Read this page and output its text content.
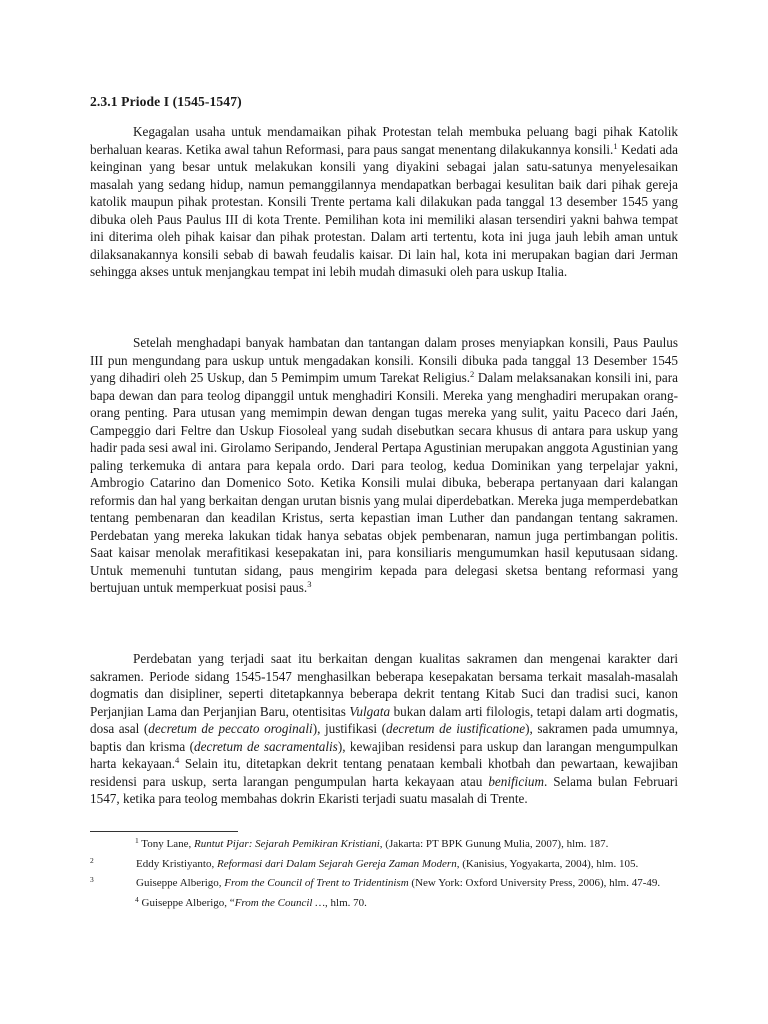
2.3.1 Priode I (1545-1547)

Kegagalan usaha untuk mendamaikan pihak Protestan telah membuka peluang bagi pihak Katolik berhaluan kearas. Ketika awal tahun Reformasi, para paus sangat menentang dilakukannya konsili.$^1$ Kedati ada keinginan yang besar untuk melakukan konsili yang diyakini sebagai jalan satu-satunya menyelesaikan masalah yang sedang hidup, namun pemanggilannya mendapatkan berbagai kesulitan baik dari pihak gereja katolik maupun pihak protestan. Konsili Trente pertama kali dilakukan pada tanggal 13 desember 1545 yang dibuka oleh Paus Paulus III di kota Trente. Pemilihan kota ini memiliki alasan tersendiri yakni bahwa tempat ini diterima oleh pihak kaisar dan pihak protestan. Dalam arti tertentu, kota ini juga jauh lebih aman untuk dilaksanakannya konsili sebab di bawah feudalis kaisar. Di lain hal, kota ini merupakan bagian dari Jerman sehingga akses untuk menjangkau tempat ini lebih mudah dimasuki oleh para uskup Italia.

Setelah menghadapi banyak hambatan dan tantangan dalam proses menyiapkan konsili, Paus Paulus III pun mengundang para uskup untuk mengadakan konsili. Konsili dibuka pada tanggal 13 Desember 1545 yang dihadiri oleh 25 Uskup, dan 5 Pemimpim umum Tarekat Religius.$^2$ Dalam melaksanakan konsili ini, para bapa dewan dan para teolog dipanggil untuk menghadiri Konsili. Mereka yang menghadiri merupakan orang-orang penting. Para utusan yang memimpin dewan dengan tugas mereka yang sulit, yaitu Paceco dari Jaén, Campeggio dari Feltre dan Uskup Fiosoleal yang sudah disebutkan secara khusus di antara para uskup yang hadir pada sesi awal ini. Girolamo Seripando, Jenderal Pertapa Agustinian merupakan anggota Agustinian yang paling terkemuka di antara para kepala ordo. Dari para teolog, kedua Dominikan yang terpelajar yakni, Ambrogio Catarino dan Domenico Soto. Ketika Konsili mulai dibuka, beberapa pertanyaan dari kalangan reformis dan hal yang berkaitan dengan urutan bisnis yang mulai diperdebatkan. Mereka juga memperdebatkan tentang pembenaran dan keadilan Kristus, serta kepastian iman Luther dan pandangan tentang sakramen. Perdebatan yang mereka lakukan tidak hanya sebatas objek pembenaran, namun juga pertimbangan politis. Saat kaisar menolak merafitikasi kesepakatan ini, para konsiliaris mengumumkan hasil keputusaan sidang. Untuk memenuhi tuntutan sidang, paus mengirim kepada para delegasi sketsa bentang reformasi yang bertujuan untuk memperkuat posisi paus.$^3$

Perdebatan yang terjadi saat itu berkaitan dengan kualitas sakramen dan mengenai karakter dari sakramen. Periode sidang 1545-1547 menghasilkan beberapa kesepakatan bersama terkait masalah-masalah dogmatis dan disipliner, seperti ditetapkannya beberapa dekrit tentang Kitab Suci dan tradisi suci, kanon Perjanjian Lama dan Perjanjian Baru, otentisitas Vulgata bukan dalam arti filologis, tetapi dalam arti dogmatis, dosa asal (decretum de peccato oroginali), justifikasi (decretum de iustificatione), sakramen pada umumnya, baptis dan krisma (decretum de sacramentalis), kewajiban residensi para uskup dan larangan mengumpulkan harta kekayaan.$^4$ Selain itu, ditetapkan dekrit tentang penataan kembali khotbah dan pewartaan, kewajiban residensi para uskup, serta larangan pengumpulan harta kekayaan atau benificium. Selama bulan Februari 1547, ketika para teolog membahas dokrin Ekaristi terjadi suatu masalah di Trente.

$^1$ Tony Lane, Runtut Pijar: Sejarah Pemikiran Kristiani, (Jakarta: PT BPK Gunung Mulia, 2007), hlm. 187.

$^2$	Eddy Kristiyanto, Reformasi dari Dalam Sejarah Gereja Zaman Modern, (Kanisius, Yogyakarta, 2004), hlm. 105.

$^3$	Guiseppe Alberigo, From the Council of Trent to Tridentinism (New York: Oxford University Press, 2006), hlm. 47-49.

$^4$ Guiseppe Alberigo, “From the Council …, hlm. 70.
